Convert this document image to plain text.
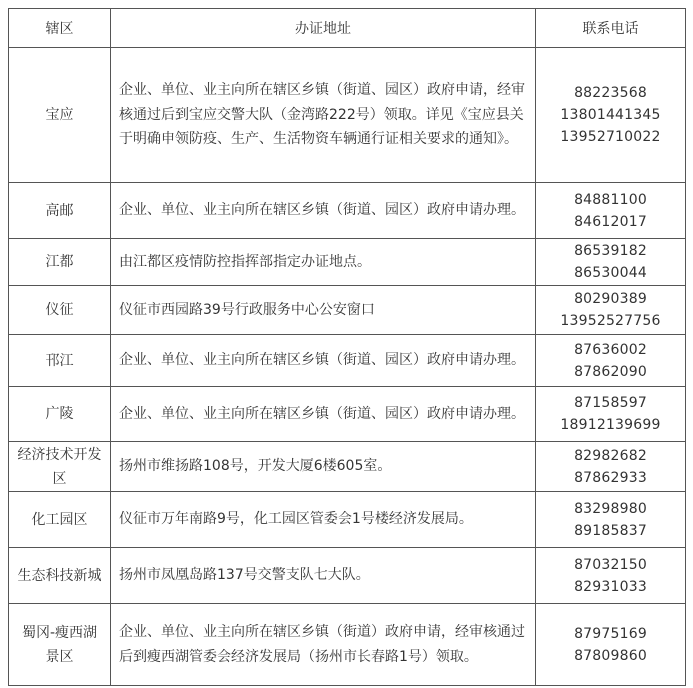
辖区	办证地址	联系电话
宝应	企业、单位、业主向所在辖区乡镇（街道、园区）政府申请，经审核通过后到宝应交警大队（金湾路222号）领取。详见《宝应县关于明确申领防疫、生产、生活物资车辆通行证相关要求的通知》。	88223568
13801441345
13952710022

高邮	企业、单位、业主向所在辖区乡镇（街道、园区）政府申请办理。	84881100
84612017

江都	由江都区疫情防控指挥部指定办证地点。	86539182
86530044

仪征	仪征市西园路39号行政服务中心公安窗口	80290389
13952527756

邗江	企业、单位、业主向所在辖区乡镇（街道、园区）政府申请办理。	87636002
87862090

广陵	企业、单位、业主向所在辖区乡镇（街道、园区）政府申请办理。	87158597
18912139699

经济技术开发区	扬州市维扬路108号，开发大厦6楼605室。	82982682
87862933

化工园区	仪征市万年南路9号，化工园区管委会1号楼经济发展局。	83298980
89185837

生态科技新城	扬州市凤凰岛路137号交警支队七大队。	87032150
82931033

蜀冈-瘦西湖景区	企业、单位、业主向所在辖区乡镇（街道）政府申请，经审核通过后到瘦西湖管委会经济发展局（扬州市长春路1号）领取。	87975169
87809860
